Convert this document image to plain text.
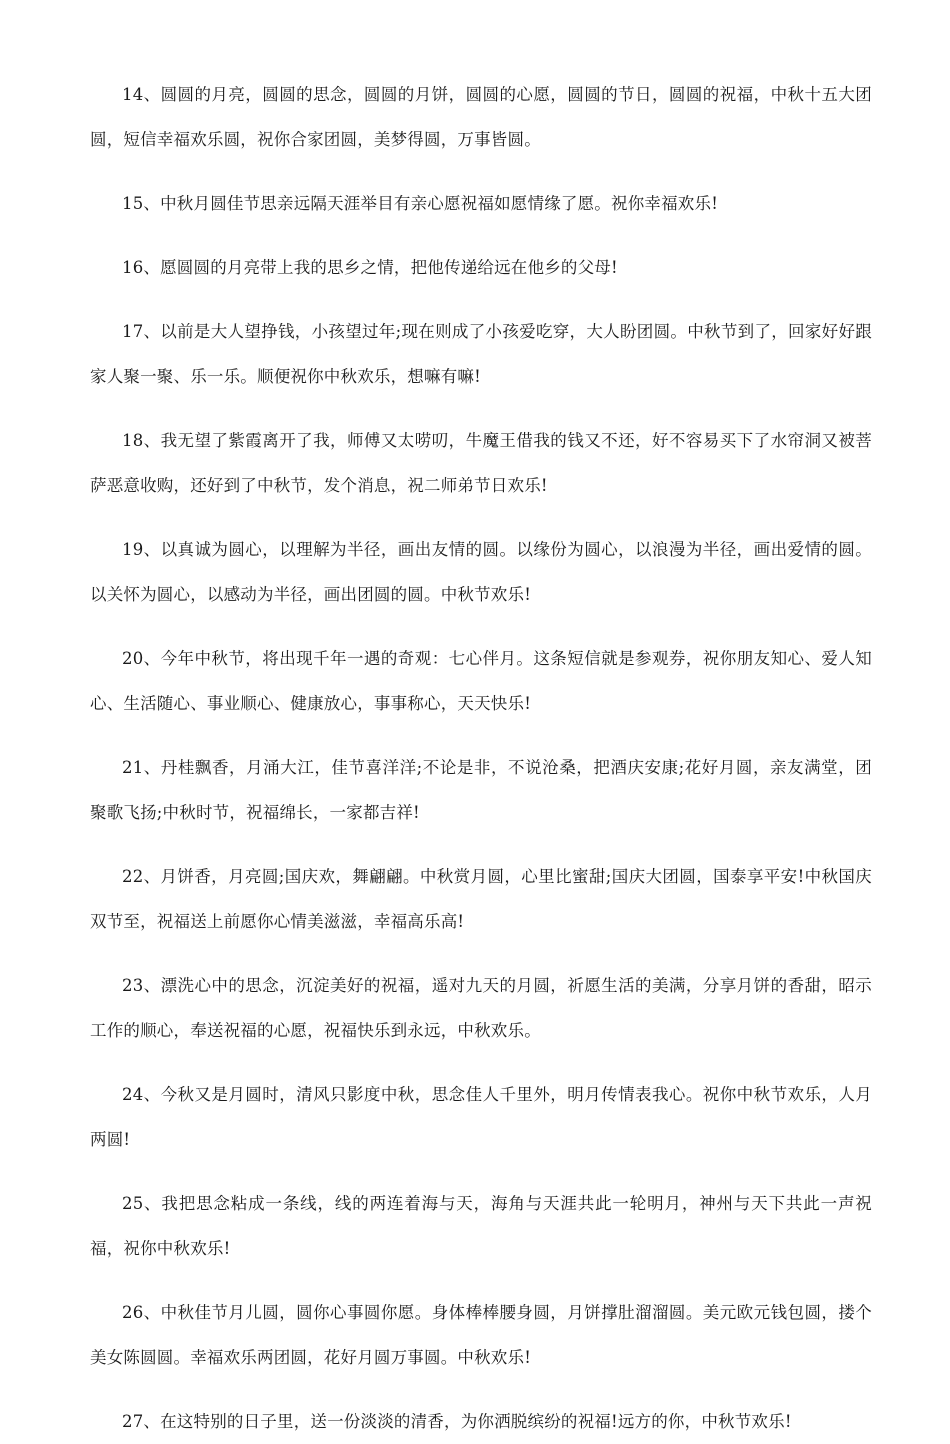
14、圆圆的月亮，圆圆的思念，圆圆的月饼，圆圆的心愿，圆圆的节日，圆圆的祝福，中秋十五大团圆，短信幸福欢乐圆，祝你合家团圆，美梦得圆，万事皆圆。

15、中秋月圆佳节思亲远隔天涯举目有亲心愿祝福如愿情缘了愿。祝你幸福欢乐!

16、愿圆圆的月亮带上我的思乡之情，把他传递给远在他乡的父母!

17、以前是大人望挣钱，小孩望过年;现在则成了小孩爱吃穿，大人盼团圆。中秋节到了，回家好好跟家人聚一聚、乐一乐。顺便祝你中秋欢乐，想嘛有嘛!

18、我无望了紫霞离开了我，师傅又太唠叨，牛魔王借我的钱又不还，好不容易买下了水帘洞又被菩萨恶意收购，还好到了中秋节，发个消息，祝二师弟节日欢乐!

19、以真诚为圆心，以理解为半径，画出友情的圆。以缘份为圆心，以浪漫为半径，画出爱情的圆。以关怀为圆心，以感动为半径，画出团圆的圆。中秋节欢乐!

20、今年中秋节，将出现千年一遇的奇观：七心伴月。这条短信就是参观券，祝你朋友知心、爱人知心、生活随心、事业顺心、健康放心，事事称心，天天快乐!

21、丹桂飘香，月涌大江，佳节喜洋洋;不论是非，不说沧桑，把酒庆安康;花好月圆，亲友满堂，团聚歌飞扬;中秋时节，祝福绵长，一家都吉祥!

22、月饼香，月亮圆;国庆欢，舞翩翩。中秋赏月圆，心里比蜜甜;国庆大团圆，国泰享平安!中秋国庆双节至，祝福送上前愿你心情美滋滋，幸福高乐高!

23、漂洗心中的思念，沉淀美好的祝福，遥对九天的月圆，祈愿生活的美满，分享月饼的香甜，昭示工作的顺心，奉送祝福的心愿，祝福快乐到永远，中秋欢乐。

24、今秋又是月圆时，清风只影度中秋，思念佳人千里外，明月传情表我心。祝你中秋节欢乐，人月两圆!

25、我把思念粘成一条线，线的两连着海与天，海角与天涯共此一轮明月，神州与天下共此一声祝福，祝你中秋欢乐!

26、中秋佳节月儿圆，圆你心事圆你愿。身体棒棒腰身圆，月饼撑肚溜溜圆。美元欧元钱包圆，搂个美女陈圆圆。幸福欢乐两团圆，花好月圆万事圆。中秋欢乐!

27、在这特别的日子里，送一份淡淡的清香，为你洒脱缤纷的祝福!远方的你，中秋节欢乐!
